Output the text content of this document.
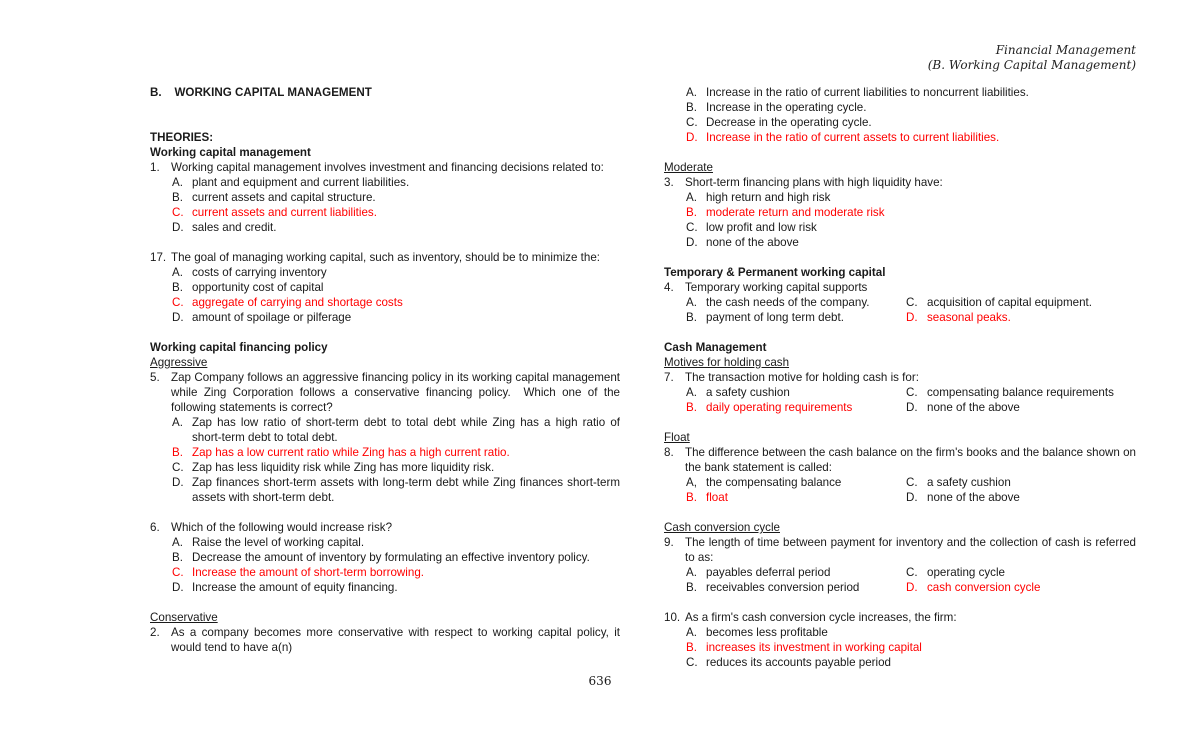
Financial Management
(B. Working Capital Management)
B.    WORKING CAPITAL MANAGEMENT
THEORIES:
Working capital management
1. Working capital management involves investment and financing decisions related to:
A. plant and equipment and current liabilities.
B. current assets and capital structure.
C. current assets and current liabilities.
D. sales and credit.
17. The goal of managing working capital, such as inventory, should be to minimize the:
A. costs of carrying inventory
B. opportunity cost of capital
C. aggregate of carrying and shortage costs
D. amount of spoilage or pilferage
Working capital financing policy
Aggressive
5. Zap Company follows an aggressive financing policy in its working capital management while Zing Corporation follows a conservative financing policy.  Which one of the following statements is correct?
A. Zap has low ratio of short-term debt to total debt while Zing has a high ratio of short-term debt to total debt.
B. Zap has a low current ratio while Zing has a high current ratio.
C. Zap has less liquidity risk while Zing has more liquidity risk.
D. Zap finances short-term assets with long-term debt while Zing finances short-term assets with short-term debt.
6. Which of the following would increase risk?
A. Raise the level of working capital.
B. Decrease the amount of inventory by formulating an effective inventory policy.
C. Increase the amount of short-term borrowing.
D. Increase the amount of equity financing.
Conservative
2. As a company becomes more conservative with respect to working capital policy, it would tend to have a(n)
A. Increase in the ratio of current liabilities to noncurrent liabilities.
B. Increase in the operating cycle.
C. Decrease in the operating cycle.
D. Increase in the ratio of current assets to current liabilities.
Moderate
3. Short-term financing plans with high liquidity have:
A. high return and high risk
B. moderate return and moderate risk
C. low profit and low risk
D. none of the above
Temporary & Permanent working capital
4. Temporary working capital supports
A. the cash needs of the company.	C. acquisition of capital equipment.
B. payment of long term debt.	D. seasonal peaks.
Cash Management
Motives for holding cash
7. The transaction motive for holding cash is for:
A. a safety cushion	C. compensating balance requirements
B. daily operating requirements	D. none of the above
Float
8. The difference between the cash balance on the firm's books and the balance shown on the bank statement is called:
A, the compensating balance	C. a safety cushion
B. float	D. none of the above
Cash conversion cycle
9. The length of time between payment for inventory and the collection of cash is referred to as:
A. payables deferral period	C. operating cycle
B. receivables conversion period	D. cash conversion cycle
10. As a firm's cash conversion cycle increases, the firm:
A. becomes less profitable
B. increases its investment in working capital
C. reduces its accounts payable period
636
